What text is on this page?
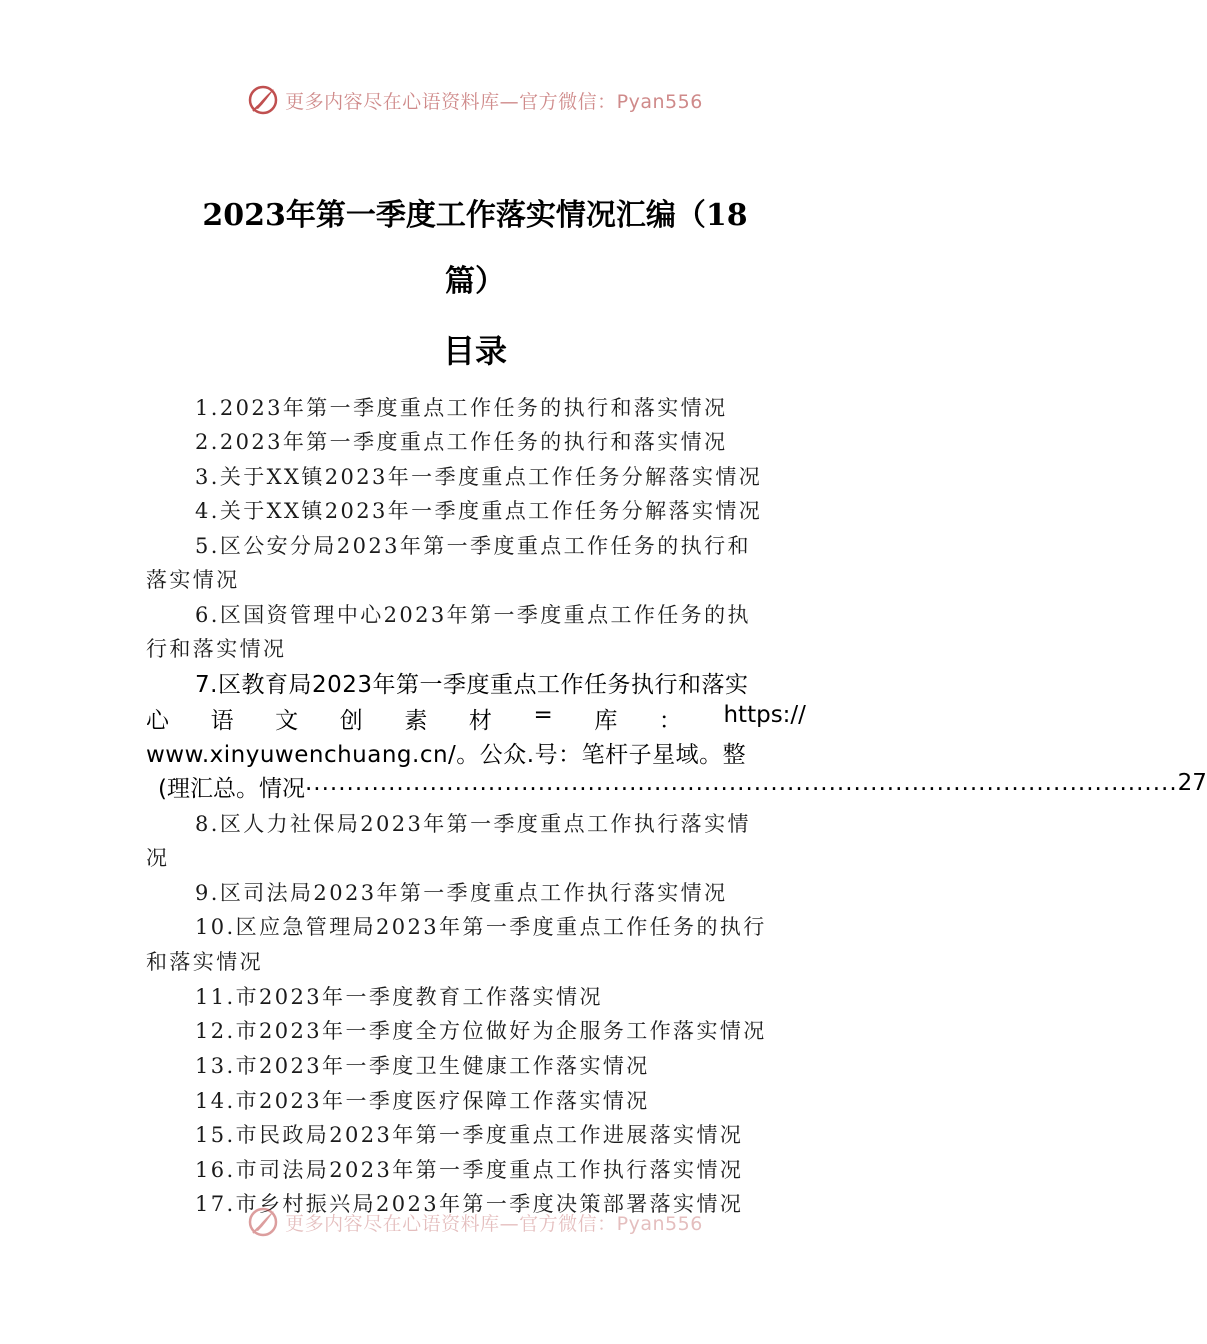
更多内容尽在心语资料库—官方微信：Pyan556
2023年第一季度工作落实情况汇编（18
篇）
目录
1.2023年第一季度重点工作任务的执行和落实情况
2.2023年第一季度重点工作任务的执行和落实情况
3.关于XX镇2023年一季度重点工作任务分解落实情况
4.关于XX镇2023年一季度重点工作任务分解落实情况
5.区公安分局2023年第一季度重点工作任务的执行和
落实情况
6.区国资管理中心2023年第一季度重点工作任务的执
行和落实情况
7.区教育局2023年第一季度重点工作任务执行和落实
心 语 文 创 素 材 = 库 ： https://
www.xinyuwenchuang.cn/。公众.号：笔杆子星域。整
(理汇总。情况 ......................................................................................................... 27
8.区人力社保局2023年第一季度重点工作执行落实情
况
9.区司法局2023年第一季度重点工作执行落实情况
10.区应急管理局2023年第一季度重点工作任务的执行
和落实情况
11.市2023年一季度教育工作落实情况
12.市2023年一季度全方位做好为企服务工作落实情况
13.市2023年一季度卫生健康工作落实情况
14.市2023年一季度医疗保障工作落实情况
15.市民政局2023年第一季度重点工作进展落实情况
16.市司法局2023年第一季度重点工作执行落实情况
17.市乡村振兴局2023年第一季度决策部署落实情况
更多内容尽在心语资料库—官方微信：Pyan556
